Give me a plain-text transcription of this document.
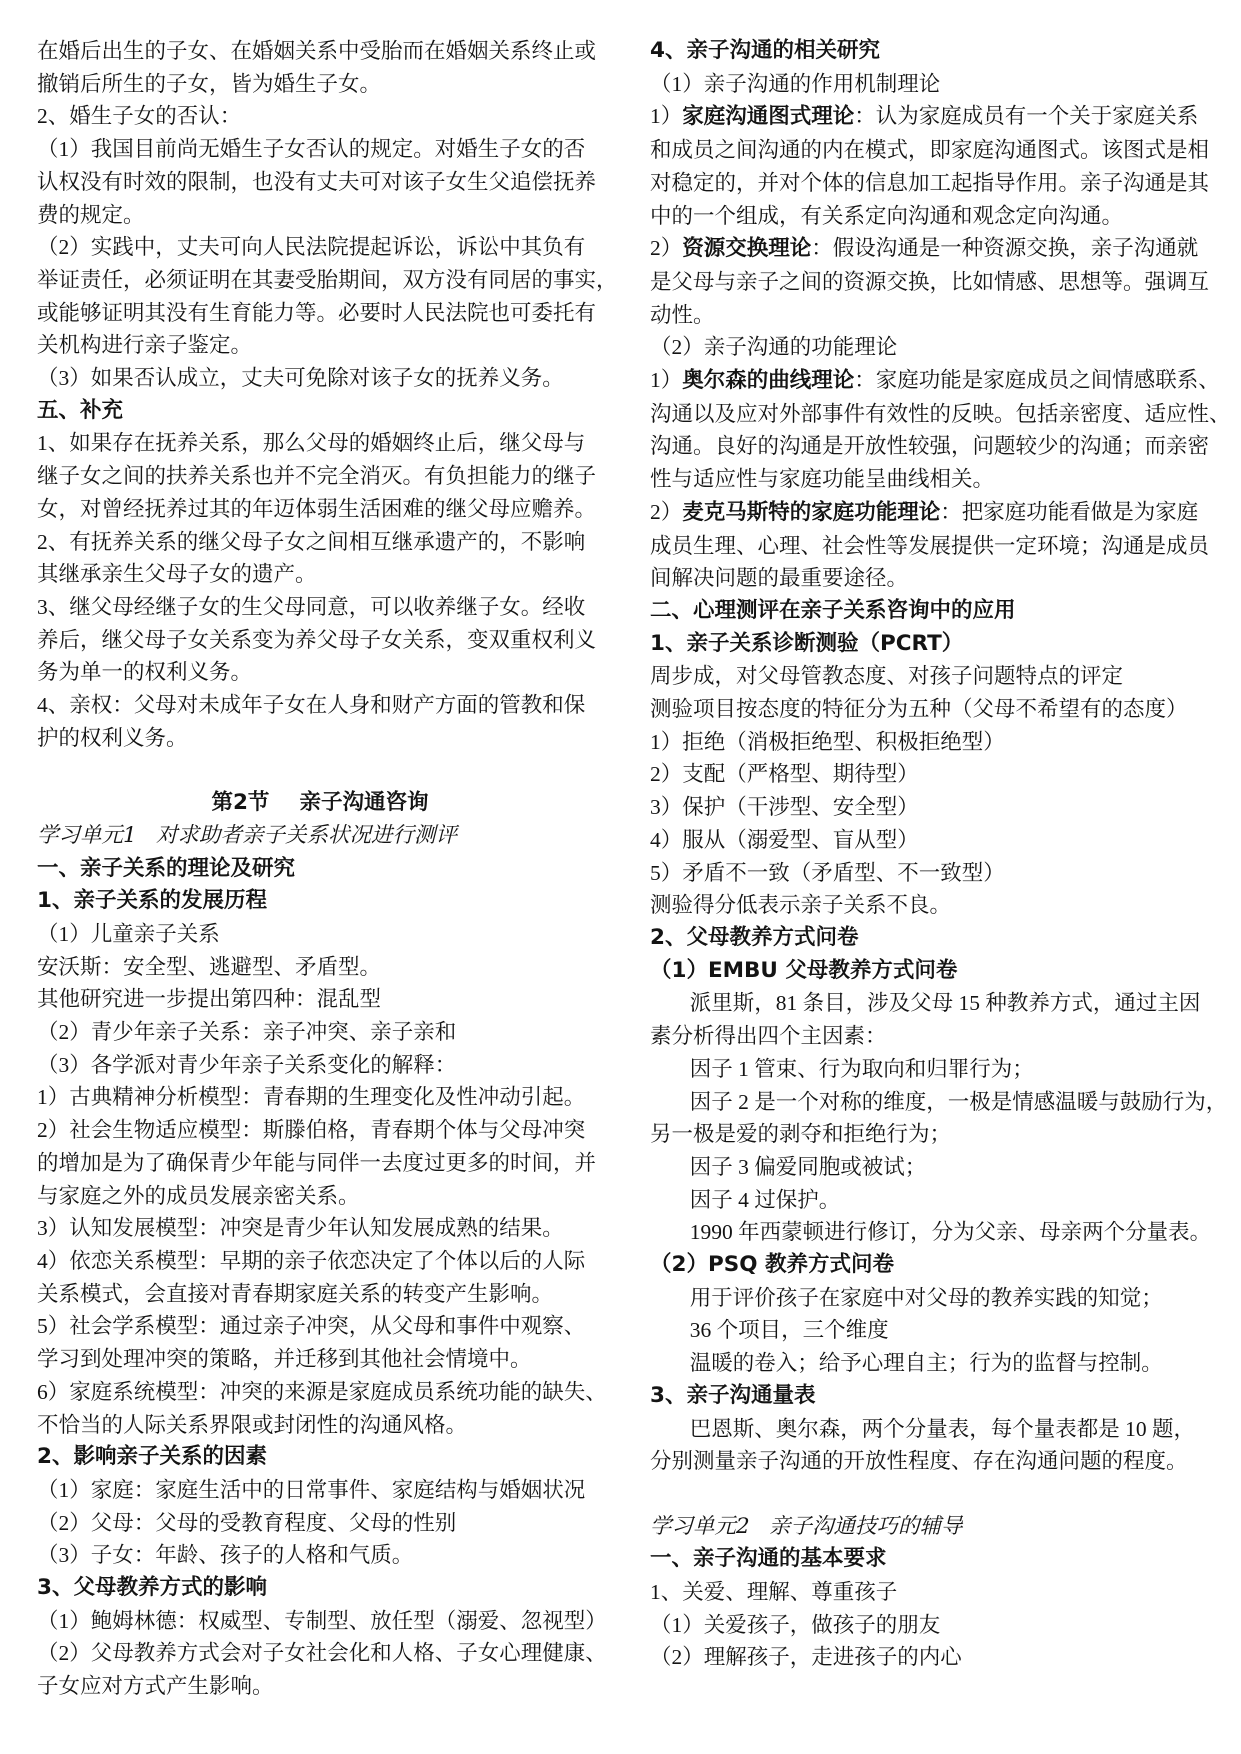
在婚后出生的子女、在婚姻关系中受胎而在婚姻关系终止或
撤销后所生的子女，皆为婚生子女。

2、婚生子女的否认：

（1）我国目前尚无婚生子女否认的规定。对婚生子女的否
认权没有时效的限制，也没有丈夫可对该子女生父追偿抚养
费的规定。

（2）实践中，丈夫可向人民法院提起诉讼，诉讼中其负有
举证责任，必须证明在其妻受胎期间，双方没有同居的事实，
或能够证明其没有生育能力等。必要时人民法院也可委托有
关机构进行亲子鉴定。

（3）如果否认成立，丈夫可免除对该子女的抚养义务。

五、补充

1、如果存在抚养关系，那么父母的婚姻终止后，继父母与
继子女之间的扶养关系也并不完全消灭。有负担能力的继子
女，对曾经抚养过其的年迈体弱生活困难的继父母应赡养。

2、有抚养关系的继父母子女之间相互继承遗产的，不影响
其继承亲生父母子女的遗产。

3、继父母经继子女的生父母同意，可以收养继子女。经收
养后，继父母子女关系变为养父母子女关系，变双重权利义
务为单一的权利义务。

4、亲权：父母对未成年子女在人身和财产方面的管教和保
护的权利义务。

第2节 亲子沟通咨询

学习单元1 对求助者亲子关系状况进行测评

一、亲子关系的理论及研究

1、亲子关系的发展历程

（1）儿童亲子关系

安沃斯：安全型、逃避型、矛盾型。

其他研究进一步提出第四种：混乱型

（2）青少年亲子关系：亲子冲突、亲子亲和

（3）各学派对青少年亲子关系变化的解释：

1）古典精神分析模型：青春期的生理变化及性冲动引起。

2）社会生物适应模型：斯滕伯格，青春期个体与父母冲突
的增加是为了确保青少年能与同伴一去度过更多的时间，并
与家庭之外的成员发展亲密关系。

3）认知发展模型：冲突是青少年认知发展成熟的结果。

4）依恋关系模型：早期的亲子依恋决定了个体以后的人际
关系模式，会直接对青春期家庭关系的转变产生影响。

5）社会学系模型：通过亲子冲突，从父母和事件中观察、
学习到处理冲突的策略，并迁移到其他社会情境中。

6）家庭系统模型：冲突的来源是家庭成员系统功能的缺失、
不恰当的人际关系界限或封闭性的沟通风格。

2、影响亲子关系的因素

（1）家庭：家庭生活中的日常事件、家庭结构与婚姻状况

（2）父母：父母的受教育程度、父母的性别

（3）子女：年龄、孩子的人格和气质。

3、父母教养方式的影响

（1）鲍姆林德：权威型、专制型、放任型（溺爱、忽视型）

（2）父母教养方式会对子女社会化和人格、子女心理健康、
子女应对方式产生影响。

4、亲子沟通的相关研究

（1）亲子沟通的作用机制理论

1）家庭沟通图式理论：认为家庭成员有一个关于家庭关系
和成员之间沟通的内在模式，即家庭沟通图式。该图式是相
对稳定的，并对个体的信息加工起指导作用。亲子沟通是其
中的一个组成，有关系定向沟通和观念定向沟通。

2）资源交换理论：假设沟通是一种资源交换，亲子沟通就
是父母与亲子之间的资源交换，比如情感、思想等。强调互
动性。

（2）亲子沟通的功能理论

1）奥尔森的曲线理论：家庭功能是家庭成员之间情感联系、
沟通以及应对外部事件有效性的反映。包括亲密度、适应性、
沟通。良好的沟通是开放性较强，问题较少的沟通；而亲密
性与适应性与家庭功能呈曲线相关。

2）麦克马斯特的家庭功能理论：把家庭功能看做是为家庭
成员生理、心理、社会性等发展提供一定环境；沟通是成员
间解决问题的最重要途径。

二、心理测评在亲子关系咨询中的应用

1、亲子关系诊断测验（PCRT）

周步成，对父母管教态度、对孩子问题特点的评定

测验项目按态度的特征分为五种（父母不希望有的态度）

1）拒绝（消极拒绝型、积极拒绝型）

2）支配（严格型、期待型）

3）保护（干涉型、安全型）

4）服从（溺爱型、盲从型）

5）矛盾不一致（矛盾型、不一致型）

测验得分低表示亲子关系不良。

2、父母教养方式问卷

（1）EMBU 父母教养方式问卷

派里斯，81 条目，涉及父母 15 种教养方式，通过主因
素分析得出四个主因素：

因子 1 管束、行为取向和归罪行为；

因子 2 是一个对称的维度，一极是情感温暖与鼓励行为，
另一极是爱的剥夺和拒绝行为；

因子 3 偏爱同胞或被试；

因子 4 过保护。

1990 年西蒙顿进行修订，分为父亲、母亲两个分量表。

（2）PSQ 教养方式问卷

用于评价孩子在家庭中对父母的教养实践的知觉；

36 个项目，三个维度

温暖的卷入；给予心理自主；行为的监督与控制。

3、亲子沟通量表

巴恩斯、奥尔森，两个分量表，每个量表都是 10 题，
分别测量亲子沟通的开放性程度、存在沟通问题的程度。

学习单元2 亲子沟通技巧的辅导

一、亲子沟通的基本要求

1、关爱、理解、尊重孩子

（1）关爱孩子，做孩子的朋友

（2）理解孩子，走进孩子的内心
